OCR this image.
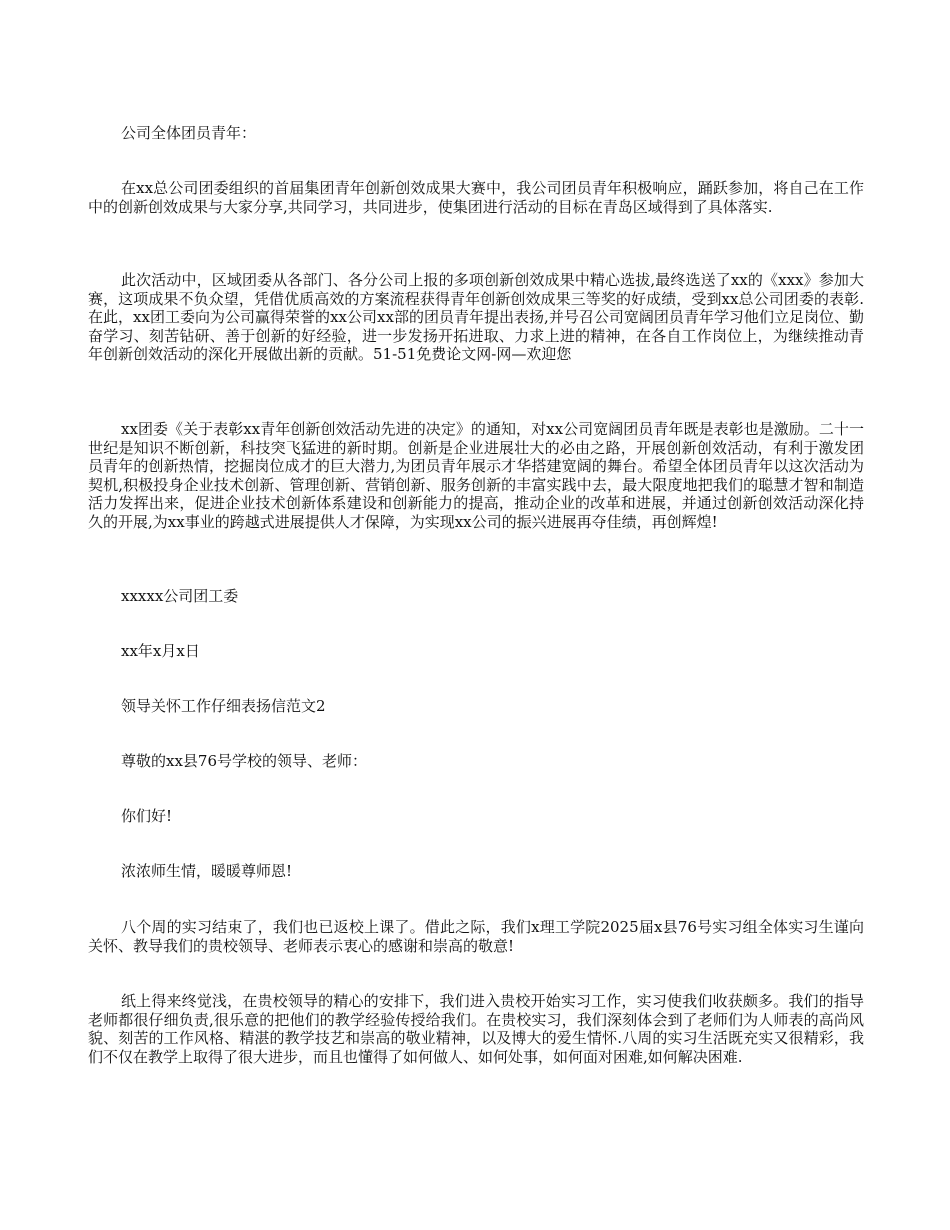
公司全体团员青年：

在xx总公司团委组织的首届集团青年创新创效成果大赛中，我公司团员青年积极响应，踊跃参加，将自己在工作中的创新创效成果与大家分享,共同学习，共同进步，使集团进行活动的目标在青岛区域得到了具体落实.

此次活动中，区域团委从各部门、各分公司上报的多项创新创效成果中精心选拔,最终选送了xx的《xxx》参加大赛，这项成果不负众望，凭借优质高效的方案流程获得青年创新创效成果三等奖的好成绩，受到xx总公司团委的表彰.在此，xx团工委向为公司赢得荣誉的xx公司xx部的团员青年提出表扬,并号召公司宽阔团员青年学习他们立足岗位、勤奋学习、刻苦钻研、善于创新的好经验，进一步发扬开拓进取、力求上进的精神，在各自工作岗位上，为继续推动青年创新创效活动的深化开展做出新的贡献。51-51免费论文网-网—欢迎您

xx团委《关于表彰xx青年创新创效活动先进的决定》的通知，对xx公司宽阔团员青年既是表彰也是激励。二十一世纪是知识不断创新，科技突飞猛进的新时期。创新是企业进展壮大的必由之路，开展创新创效活动，有利于激发团员青年的创新热情，挖掘岗位成才的巨大潜力,为团员青年展示才华搭建宽阔的舞台。希望全体团员青年以这次活动为契机,积极投身企业技术创新、管理创新、营销创新、服务创新的丰富实践中去，最大限度地把我们的聪慧才智和制造活力发挥出来，促进企业技术创新体系建设和创新能力的提高，推动企业的改革和进展，并通过创新创效活动深化持久的开展,为xx事业的跨越式进展提供人才保障，为实现xx公司的振兴进展再夺佳绩，再创辉煌!

xxxxx公司团工委

xx年x月x日

领导关怀工作仔细表扬信范文2

尊敬的xx县76号学校的领导、老师：

你们好!

浓浓师生情，暖暖尊师恩!

八个周的实习结束了，我们也已返校上课了。借此之际，我们x理工学院2025届x县76号实习组全体实习生谨向关怀、教导我们的贵校领导、老师表示衷心的感谢和崇高的敬意!

纸上得来终觉浅，在贵校领导的精心的安排下，我们进入贵校开始实习工作，实习使我们收获颇多。我们的指导老师都很仔细负责,很乐意的把他们的教学经验传授给我们。在贵校实习，我们深刻体会到了老师们为人师表的高尚风貌、刻苦的工作风格、精湛的教学技艺和崇高的敬业精神，以及博大的爱生情怀.八周的实习生活既充实又很精彩，我们不仅在教学上取得了很大进步，而且也懂得了如何做人、如何处事，如何面对困难,如何解决困难.
